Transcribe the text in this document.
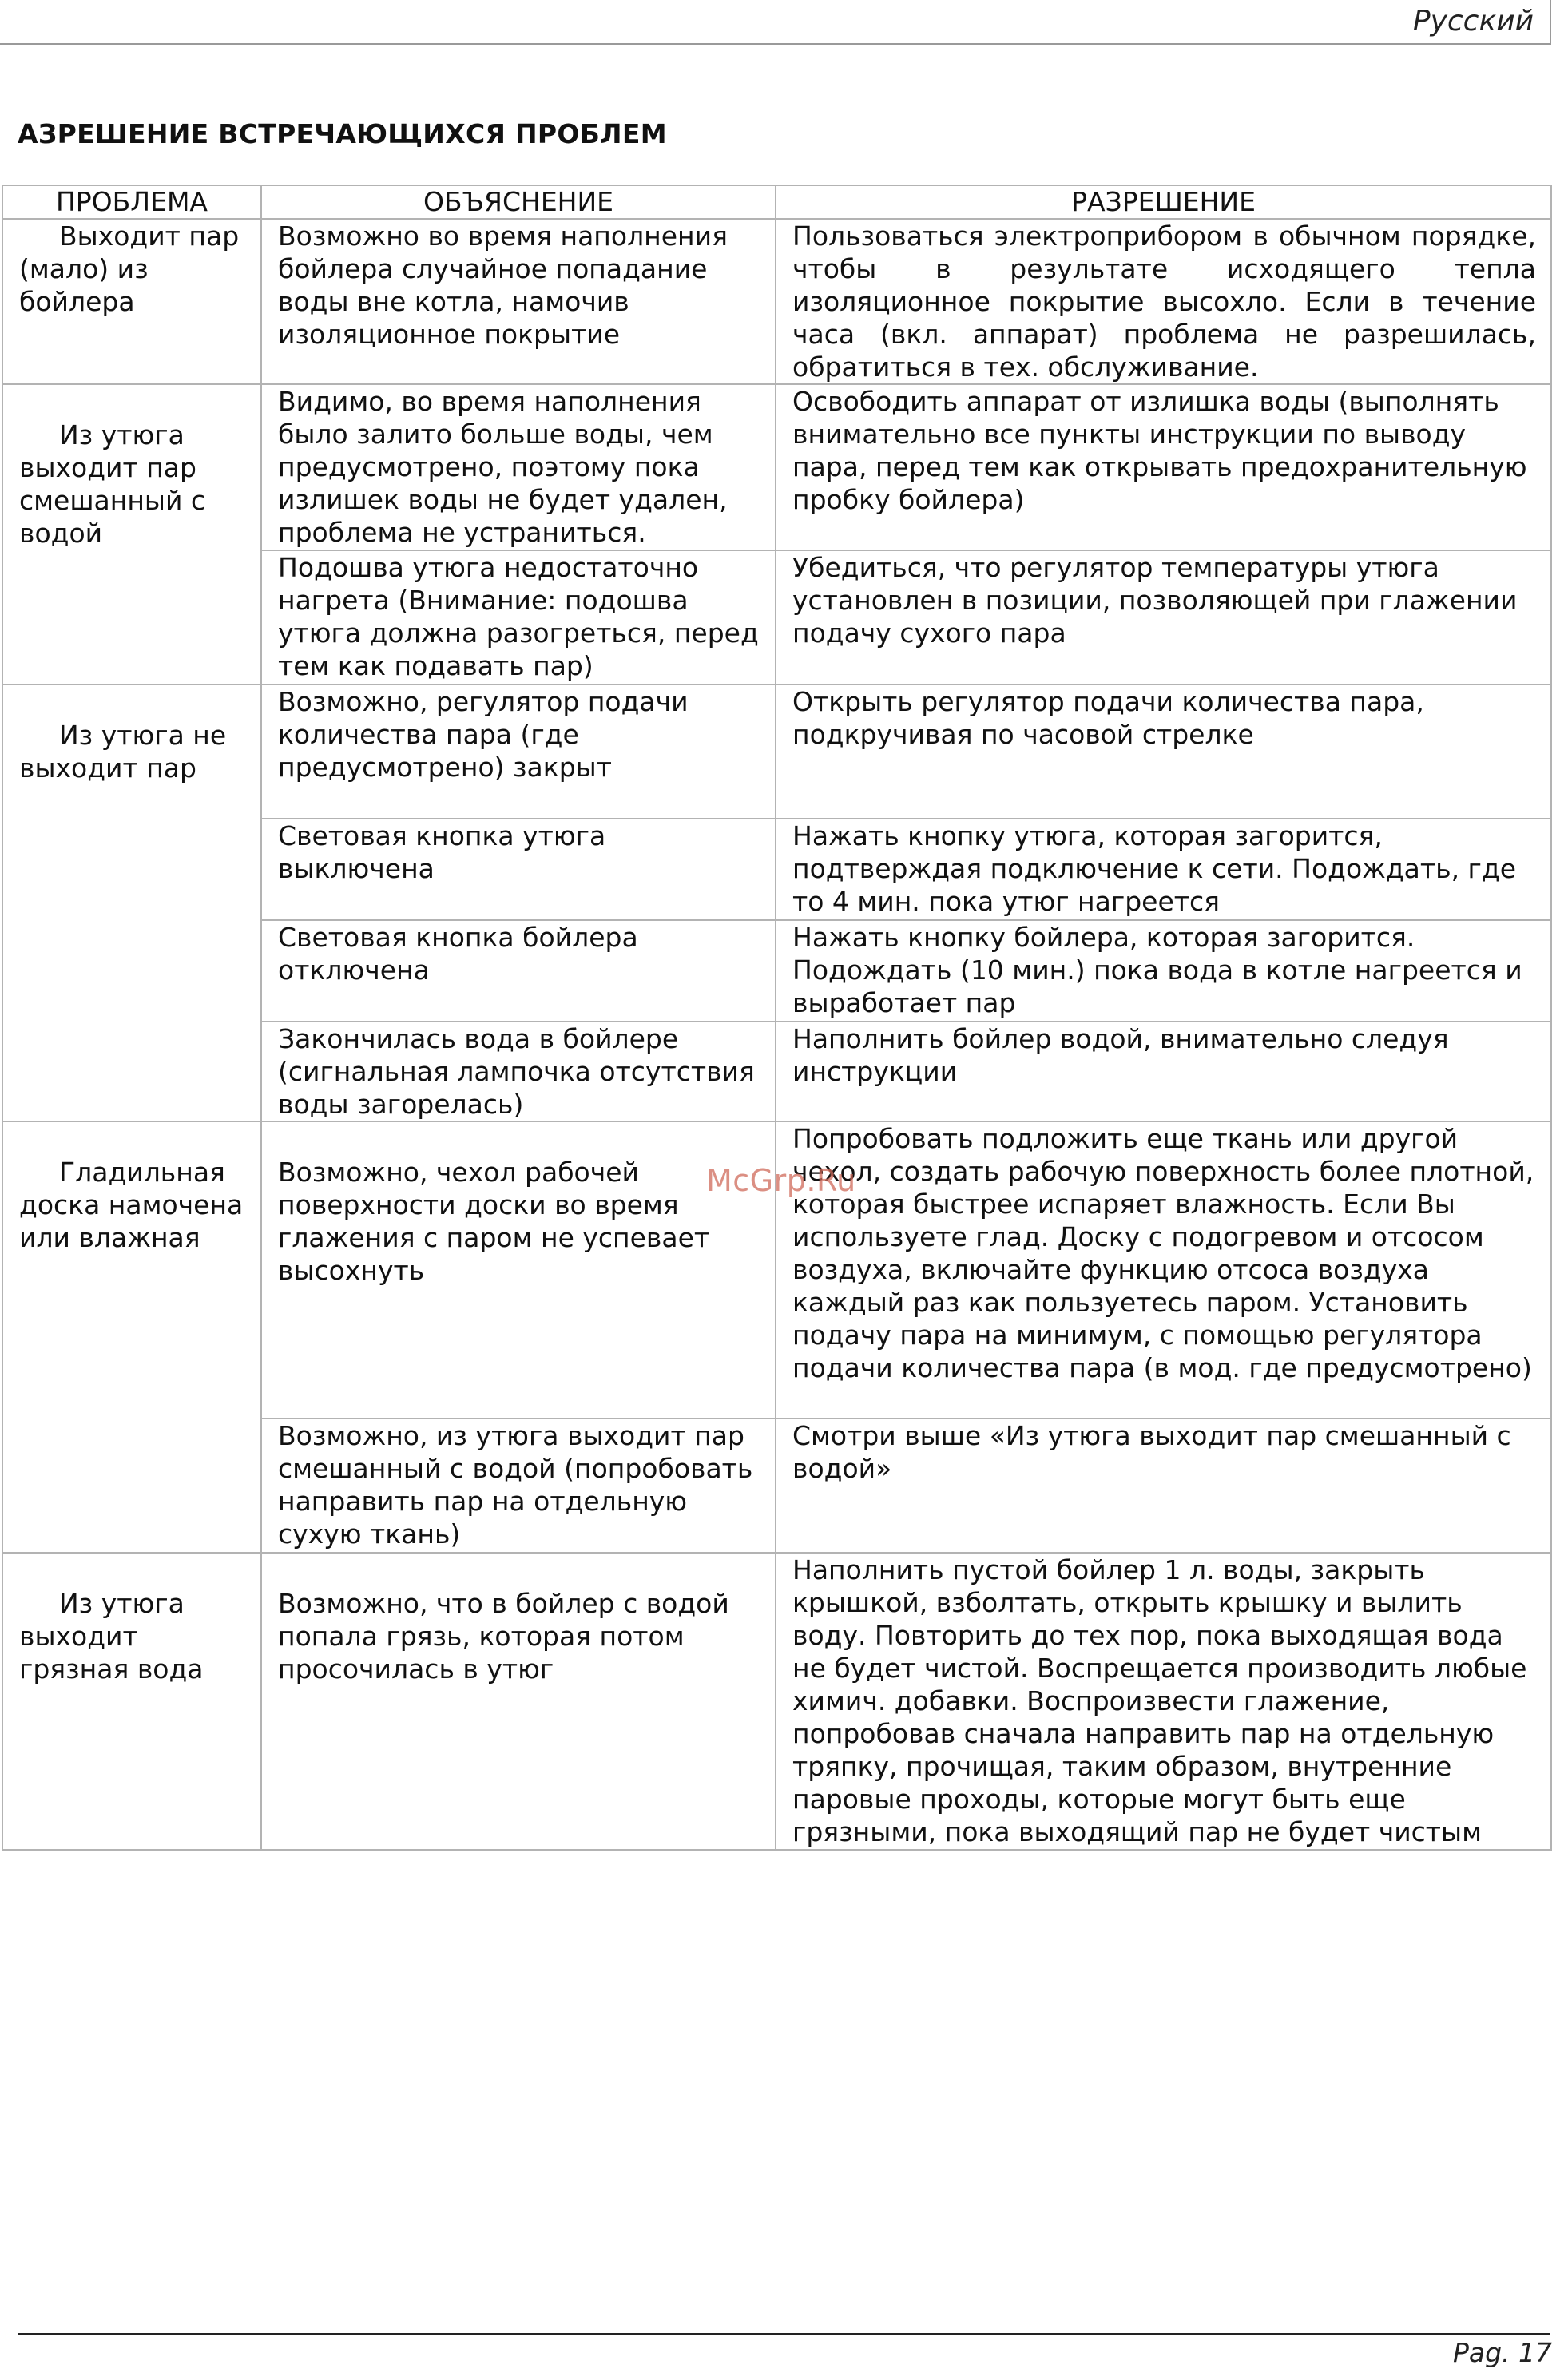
Русский
АЗРЕШЕНИЕ ВСТРЕЧАЮЩИХСЯ ПРОБЛЕМ
ПРОБЛЕМА	ОБЪЯСНЕНИЕ	РАЗРЕШЕНИЕ

Выходит пар (мало) из бойлера	Возможно во время наполнения бойлера случайное попадание воды вне котла, намочив изоляционное покрытие	Пользоваться электроприбором в обычном порядке, чтобы в результате исходящего тепла изоляционное покрытие высохло. Если в течение часа (вкл. аппарат) проблема не разрешилась, обратиться в тех. обслуживание.

Из утюга выходит пар смешанный с водой	Видимо, во время наполнения было залито больше воды, чем предусмотрено, поэтому пока излишек воды не будет удален, проблема не устраниться.	Освободить аппарат от излишка воды (выполнять внимательно все пункты инструкции по выводу пара, перед тем как открывать предохранительную пробку бойлера)
	Подошва утюга недостаточно нагрета (Внимание: подошва утюга должна разогреться, перед тем как подавать пар)	Убедиться, что регулятор температуры утюга установлен в позиции, позволяющей при глажении подачу сухого пара

Из утюга не выходит пар	Возможно, регулятор подачи количества пара (где предусмотрено) закрыт	Открыть регулятор подачи количества пара, подкручивая по часовой стрелке
	Световая кнопка утюга выключена	Нажать кнопку утюга, которая загорится, подтверждая подключение к сети. Подождать, где то 4 мин. пока утюг нагреется
	Световая кнопка бойлера отключена	Нажать кнопку бойлера, которая загорится. Подождать (10 мин.) пока вода в котле нагреется и выработает пар
	Закончилась вода в бойлере (сигнальная лампочка отсутствия воды загорелась)	Наполнить бойлер водой, внимательно следуя инструкции

Гладильная доска намочена или влажная	Возможно, чехол рабочей поверхности доски во время глажения с паром не успевает высохнуть	Попробовать подложить еще ткань или другой чехол, создать рабочую поверхность более плотной, которая быстрее испаряет влажность. Если Вы используете глад. Доску с подогревом и отсосом воздуха, включайте функцию отсоса воздуха каждый раз как пользуетесь паром. Установить подачу пара на минимум, с помощью регулятора подачи количества пара (в мод. где предусмотрено)
	Возможно, из утюга выходит пар смешанный с водой (попробовать направить пар на отдельную сухую ткань)	Смотри выше «Из утюга выходит пар смешанный с водой»

Из утюга выходит грязная вода	Возможно, что в бойлер с водой попала грязь, которая потом просочилась в утюг	Наполнить пустой бойлер 1 л. воды, закрыть крышкой, взболтать, открыть крышку и вылить воду. Повторить до тех пор, пока выходящая вода не будет чистой. Воспрещается производить любые химич. добавки. Воспроизвести глажение, попробовав сначала направить пар на отдельную тряпку, прочищая, таким образом, внутренние паровые проходы, которые могут быть еще грязными, пока выходящий пар не будет чистым
McGrp.Ru
Pag. 17
